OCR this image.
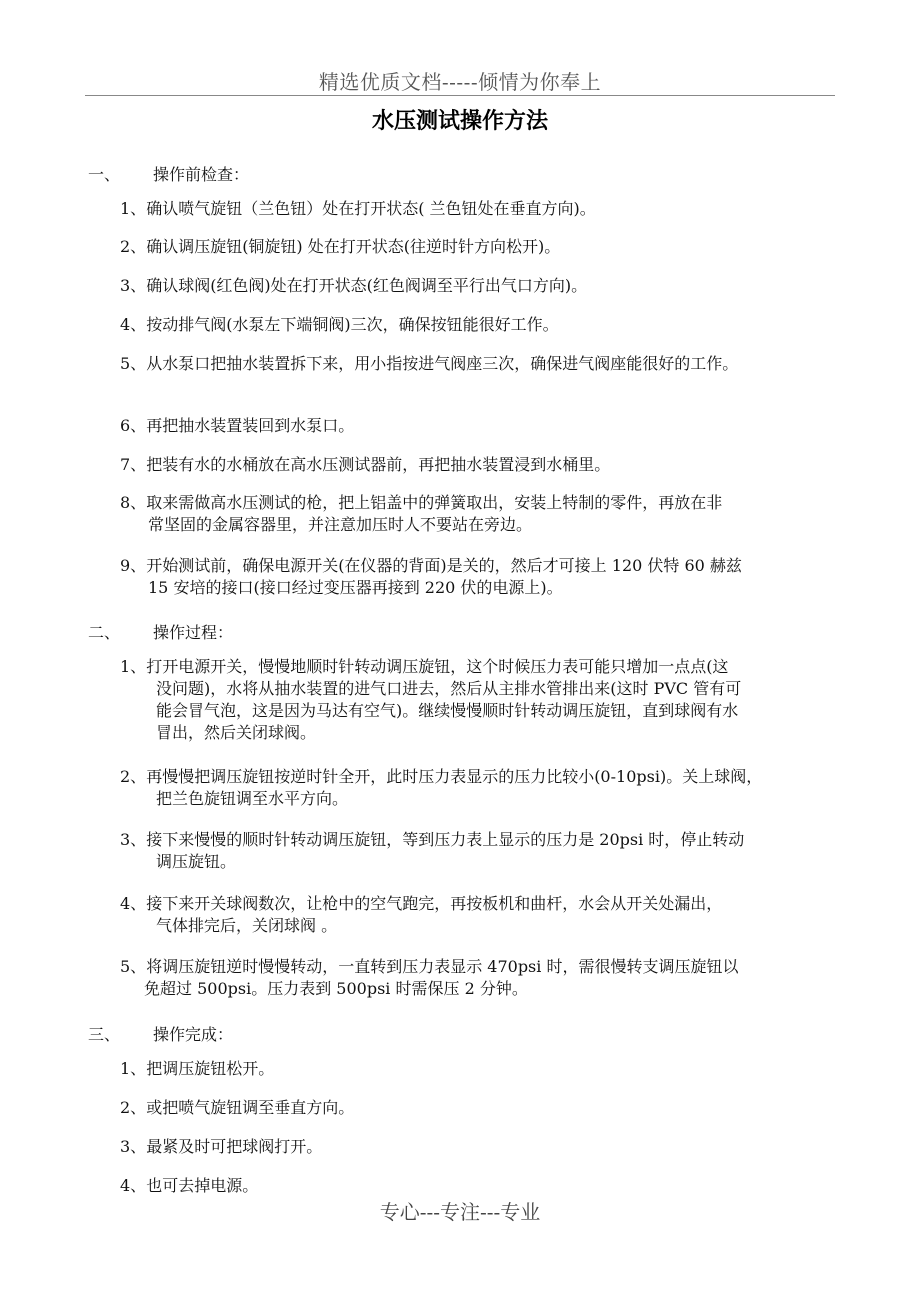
精选优质文档-----倾情为你奉上
水压测试操作方法
一、 操作前检查：
1、确认喷气旋钮（兰色钮）处在打开状态( 兰色钮处在垂直方向)。
2、确认调压旋钮(铜旋钮) 处在打开状态(往逆时针方向松开)。
3、确认球阀(红色阀)处在打开状态(红色阀调至平行出气口方向)。
4、按动排气阀(水泵左下端铜阀)三次，确保按钮能很好工作。
5、从水泵口把抽水装置拆下来，用小指按进气阀座三次，确保进气阀座能很好的工作。
6、再把抽水装置装回到水泵口。
7、把装有水的水桶放在高水压测试器前，再把抽水装置浸到水桶里。
8、取来需做高水压测试的枪，把上铝盖中的弹簧取出，安装上特制的零件，再放在非
常坚固的金属容器里，并注意加压时人不要站在旁边。
9、开始测试前，确保电源开关(在仪器的背面)是关的，然后才可接上 120 伏特 60 赫兹
15 安培的接口(接口经过变压器再接到 220 伏的电源上)。
二、 操作过程：
1、打开电源开关，慢慢地顺时针转动调压旋钮，这个时候压力表可能只增加一点点(这
没问题)，水将从抽水装置的进气口进去，然后从主排水管排出来(这时 PVC 管有可
能会冒气泡，这是因为马达有空气)。继续慢慢顺时针转动调压旋钮，直到球阀有水
冒出，然后关闭球阀。
2、再慢慢把调压旋钮按逆时针全开，此时压力表显示的压力比较小(0-10psi)。关上球阀，
把兰色旋钮调至水平方向。
3、接下来慢慢的顺时针转动调压旋钮，等到压力表上显示的压力是 20psi 时，停止转动
调压旋钮。
4、接下来开关球阀数次，让枪中的空气跑完，再按板机和曲杆，水会从开关处漏出，
气体排完后，关闭球阀 。
5、将调压旋钮逆时慢慢转动，一直转到压力表显示 470psi 时，需很慢转支调压旋钮以
免超过 500psi。压力表到 500psi 时需保压 2 分钟。
三、 操作完成：
1、把调压旋钮松开。
2、或把喷气旋钮调至垂直方向。
3、最紧及时可把球阀打开。
4、也可去掉电源。
专心---专注---专业
